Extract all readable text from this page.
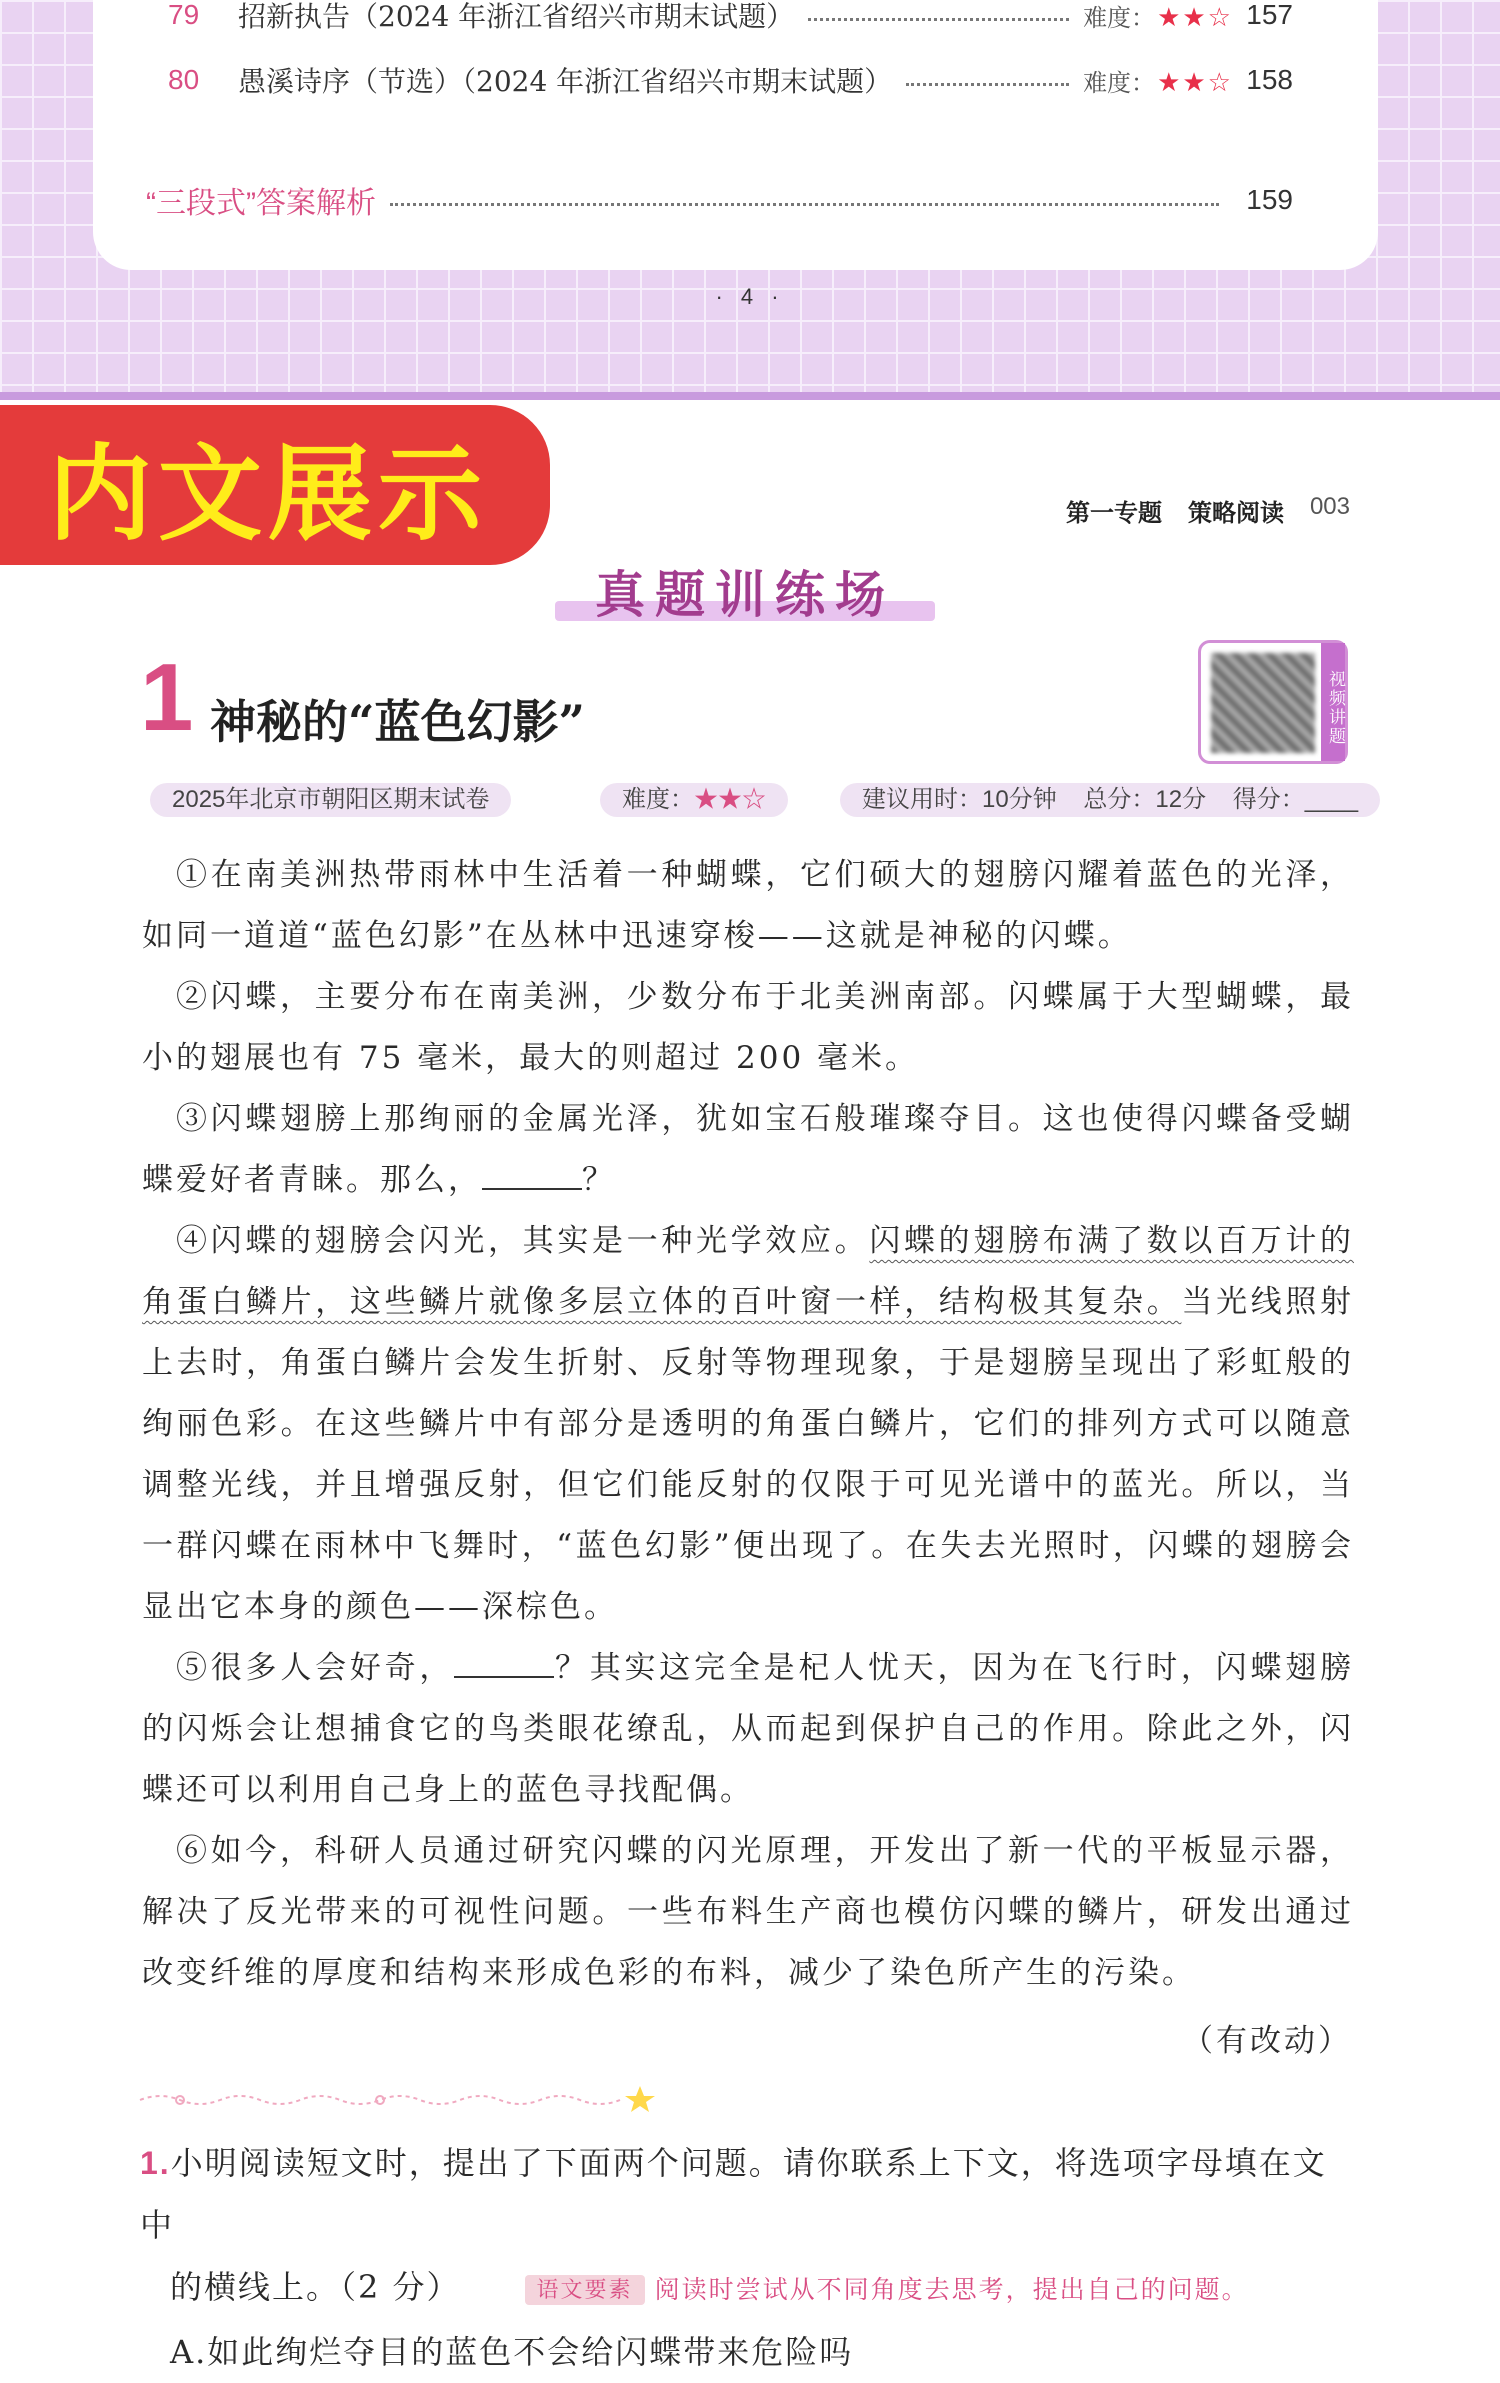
79	招新执告（2024 年浙江省绍兴市期末试题）	难度：★★☆ 157
80	愚溪诗序（节选）（2024 年浙江省绍兴市期末试题）	难度：★★☆ 158
“三段式”答案解析	159
· 4 ·
内文展示	第一专题 策略阅读 003
真题训练场
1 神秘的“蓝色幻影”	视频讲题
2025年北京市朝阳区期末试卷	难度：★★☆	建议用时：10分钟 总分：12分 得分：____

①在南美洲热带雨林中生活着一种蝴蝶，它们硕大的翅膀闪耀着蓝色的光泽，如同一道道“蓝色幻影”在丛林中迅速穿梭——这就是神秘的闪蝶。

②闪蝶，主要分布在南美洲，少数分布于北美洲南部。闪蝶属于大型蝴蝶，最小的翅展也有 75 毫米，最大的则超过 200 毫米。

③闪蝶翅膀上那绚丽的金属光泽，犹如宝石般璀璨夺目。这也使得闪蝶备受蝴蝶爱好者青睐。那么，	？

④闪蝶的翅膀会闪光，其实是一种光学效应。闪蝶的翅膀布满了数以百万计的角蛋白鳞片，这些鳞片就像多层立体的百叶窗一样，结构极其复杂。当光线照射上去时，角蛋白鳞片会发生折射、反射等物理现象，于是翅膀呈现出了彩虹般的绚丽色彩。在这些鳞片中有部分是透明的角蛋白鳞片，它们的排列方式可以随意调整光线，并且增强反射，但它们能反射的仅限于可见光谱中的蓝光。所以，当一群闪蝶在雨林中飞舞时，“蓝色幻影”便出现了。在失去光照时，闪蝶的翅膀会显出它本身的颜色——深棕色。

⑤很多人会好奇，	？其实这完全是杞人忧天，因为在飞行时，闪蝶翅膀的闪烁会让想捕食它的鸟类眼花缭乱，从而起到保护自己的作用。除此之外，闪蝶还可以利用自己身上的蓝色寻找配偶。

⑥如今，科研人员通过研究闪蝶的闪光原理，开发出了新一代的平板显示器，解决了反光带来的可视性问题。一些布料生产商也模仿闪蝶的鳞片，研发出通过改变纤维的厚度和结构来形成色彩的布料，减少了染色所产生的污染。

（有改动）
1.小明阅读短文时，提出了下面两个问题。请你联系上下文，将选项字母填在文中
的横线上。（2 分）	语文要素 阅读时尝试从不同角度去思考，提出自己的问题。
A.如此绚烂夺目的蓝色不会给闪蝶带来危险吗
